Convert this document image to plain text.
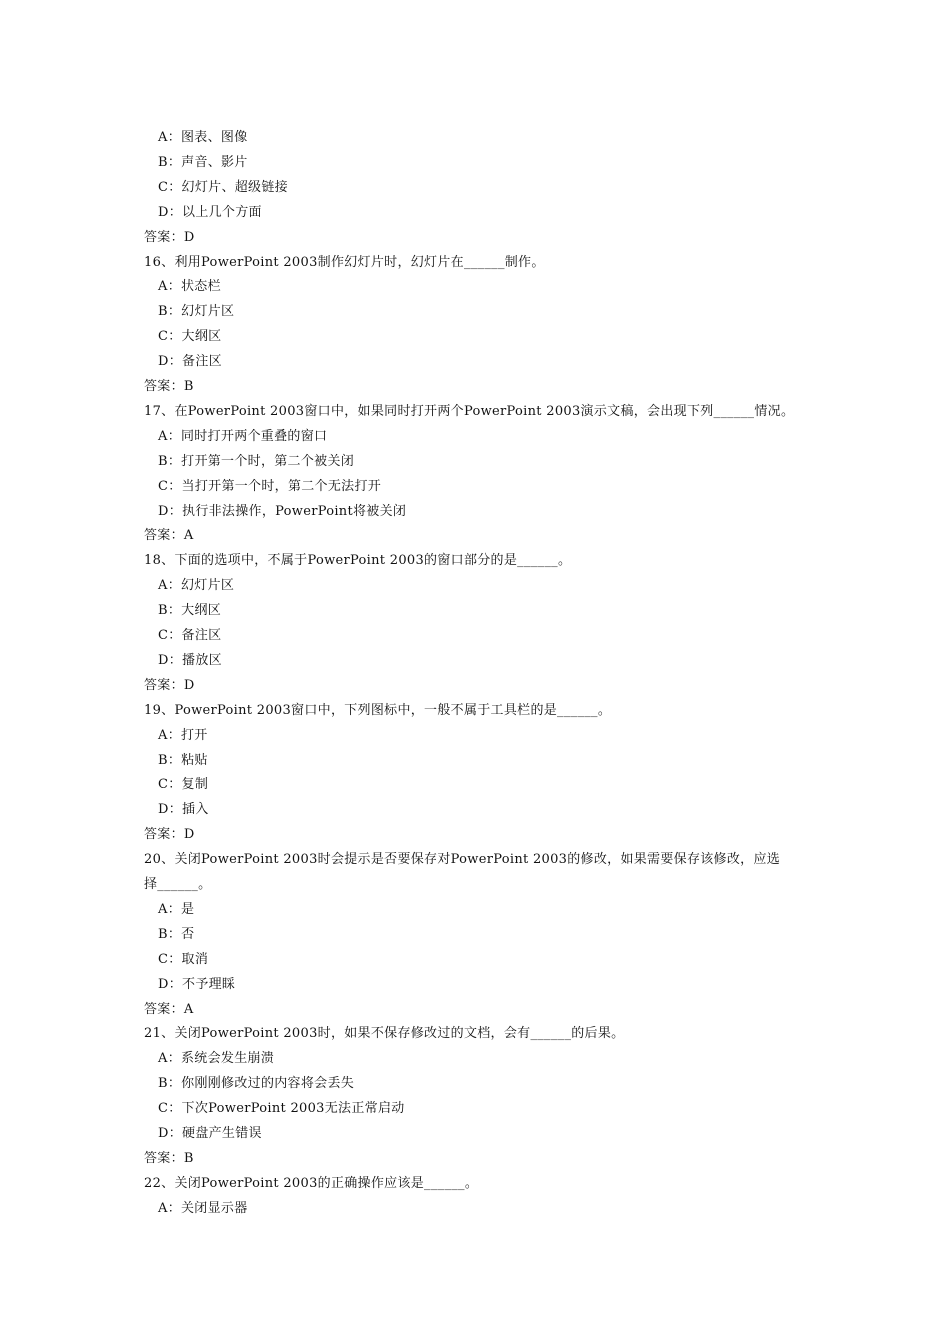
A：图表、图像
B：声音、影片
C：幻灯片、超级链接
D：以上几个方面
答案：D
16、利用PowerPoint 2003制作幻灯片时，幻灯片在______制作。
A：状态栏
B：幻灯片区
C：大纲区
D：备注区
答案：B
17、在PowerPoint 2003窗口中，如果同时打开两个PowerPoint 2003演示文稿，会出现下列______情况。
A：同时打开两个重叠的窗口
B：打开第一个时，第二个被关闭
C：当打开第一个时，第二个无法打开
D：执行非法操作，PowerPoint将被关闭
答案：A
18、下面的选项中，不属于PowerPoint 2003的窗口部分的是______。
A：幻灯片区
B：大纲区
C：备注区
D：播放区
答案：D
19、PowerPoint 2003窗口中，下列图标中，一般不属于工具栏的是______。
A：打开
B：粘贴
C：复制
D：插入
答案：D
20、关闭PowerPoint 2003时会提示是否要保存对PowerPoint 2003的修改，如果需要保存该修改，应选
择______。
A：是
B：否
C：取消
D：不予理睬
答案：A
21、关闭PowerPoint 2003时，如果不保存修改过的文档，会有______的后果。
A：系统会发生崩溃
B：你刚刚修改过的内容将会丢失
C：下次PowerPoint 2003无法正常启动
D：硬盘产生错误
答案：B
22、关闭PowerPoint 2003的正确操作应该是______。
A：关闭显示器
